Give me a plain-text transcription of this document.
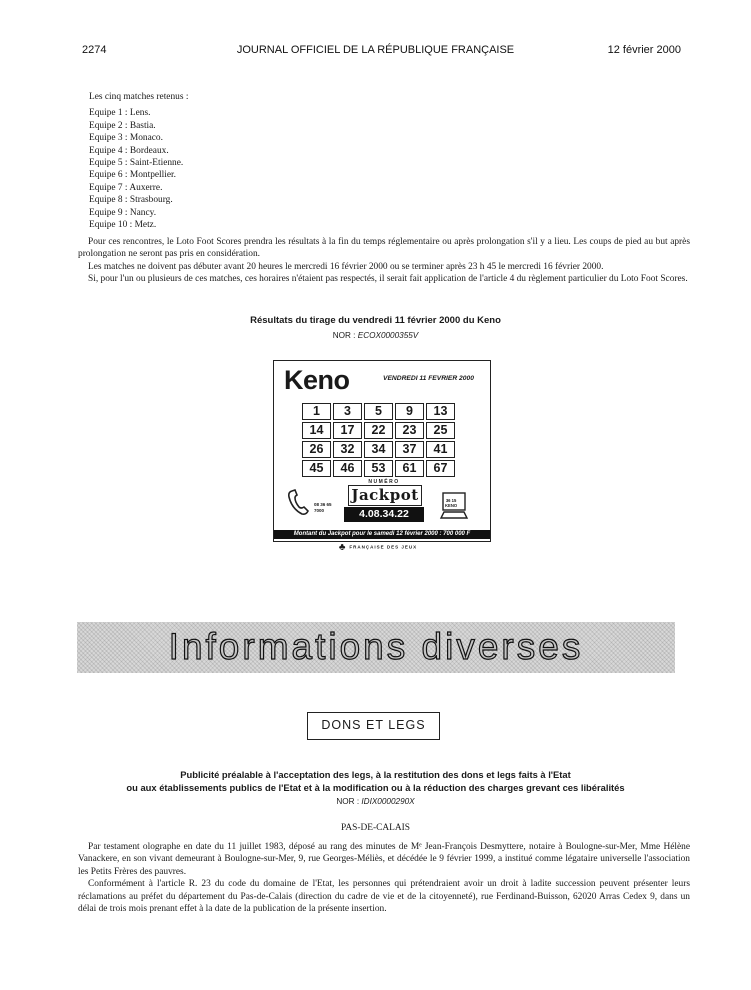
2274	JOURNAL OFFICIEL DE LA RÉPUBLIQUE FRANÇAISE	12 février 2000
Les cinq matches retenus :
Equipe 1 : Lens.
Equipe 2 : Bastia.
Equipe 3 : Monaco.
Equipe 4 : Bordeaux.
Equipe 5 : Saint-Etienne.
Equipe 6 : Montpellier.
Equipe 7 : Auxerre.
Equipe 8 : Strasbourg.
Equipe 9 : Nancy.
Equipe 10 : Metz.
Pour ces rencontres, le Loto Foot Scores prendra les résultats à la fin du temps réglementaire ou après prolongation s'il y a lieu. Les coups de pied au but après prolongation ne seront pas pris en considération.
Les matches ne doivent pas débuter avant 20 heures le mercredi 16 février 2000 ou se terminer après 23 h 45 le mercredi 16 février 2000.
Si, pour l'un ou plusieurs de ces matches, ces horaires n'étaient pas respectés, il serait fait application de l'article 4 du règlement particulier du Loto Foot Scores.
Résultats du tirage du vendredi 11 février 2000 du Keno
NOR : ECOX0000355V
Keno	VENDREDI 11 FEVRIER 2000
1	3	5	9	13
14	17	22	23	25
26	32	34	37	41
45	46	53	61	67
08 36 65
7000
NUMÉRO
Jackpot
4.08.34.22
36 15
KENO
Montant du Jackpot pour le samedi 12 février 2000 : 700 000 F
♣ FRANÇAISE DES JEUX
Informations diverses
DONS ET LEGS
Publicité préalable à l'acceptation des legs, à la restitution des dons et legs faits à l'Etat
ou aux établissements publics de l'Etat et à la modification ou à la réduction des charges grevant ces libéralités
NOR : IDIX0000290X
PAS-DE-CALAIS
Par testament olographe en date du 11 juillet 1983, déposé au rang des minutes de Mᵉ Jean-François Desmyttere, notaire à Boulogne-sur-Mer, Mme Hélène Vanackere, en son vivant demeurant à Boulogne-sur-Mer, 9, rue Georges-Méliès, et décédée le 9 février 1999, a institué comme légataire universelle l'association les Petits Frères des pauvres.
Conformément à l'article R. 23 du code du domaine de l'Etat, les personnes qui prétendraient avoir un droit à ladite succession peuvent présenter leurs réclamations au préfet du département du Pas-de-Calais (direction du cadre de vie et de la citoyenneté), rue Ferdinand-Buisson, 62020 Arras Cedex 9, dans un délai de trois mois prenant effet à la date de la publication de la présente insertion.
